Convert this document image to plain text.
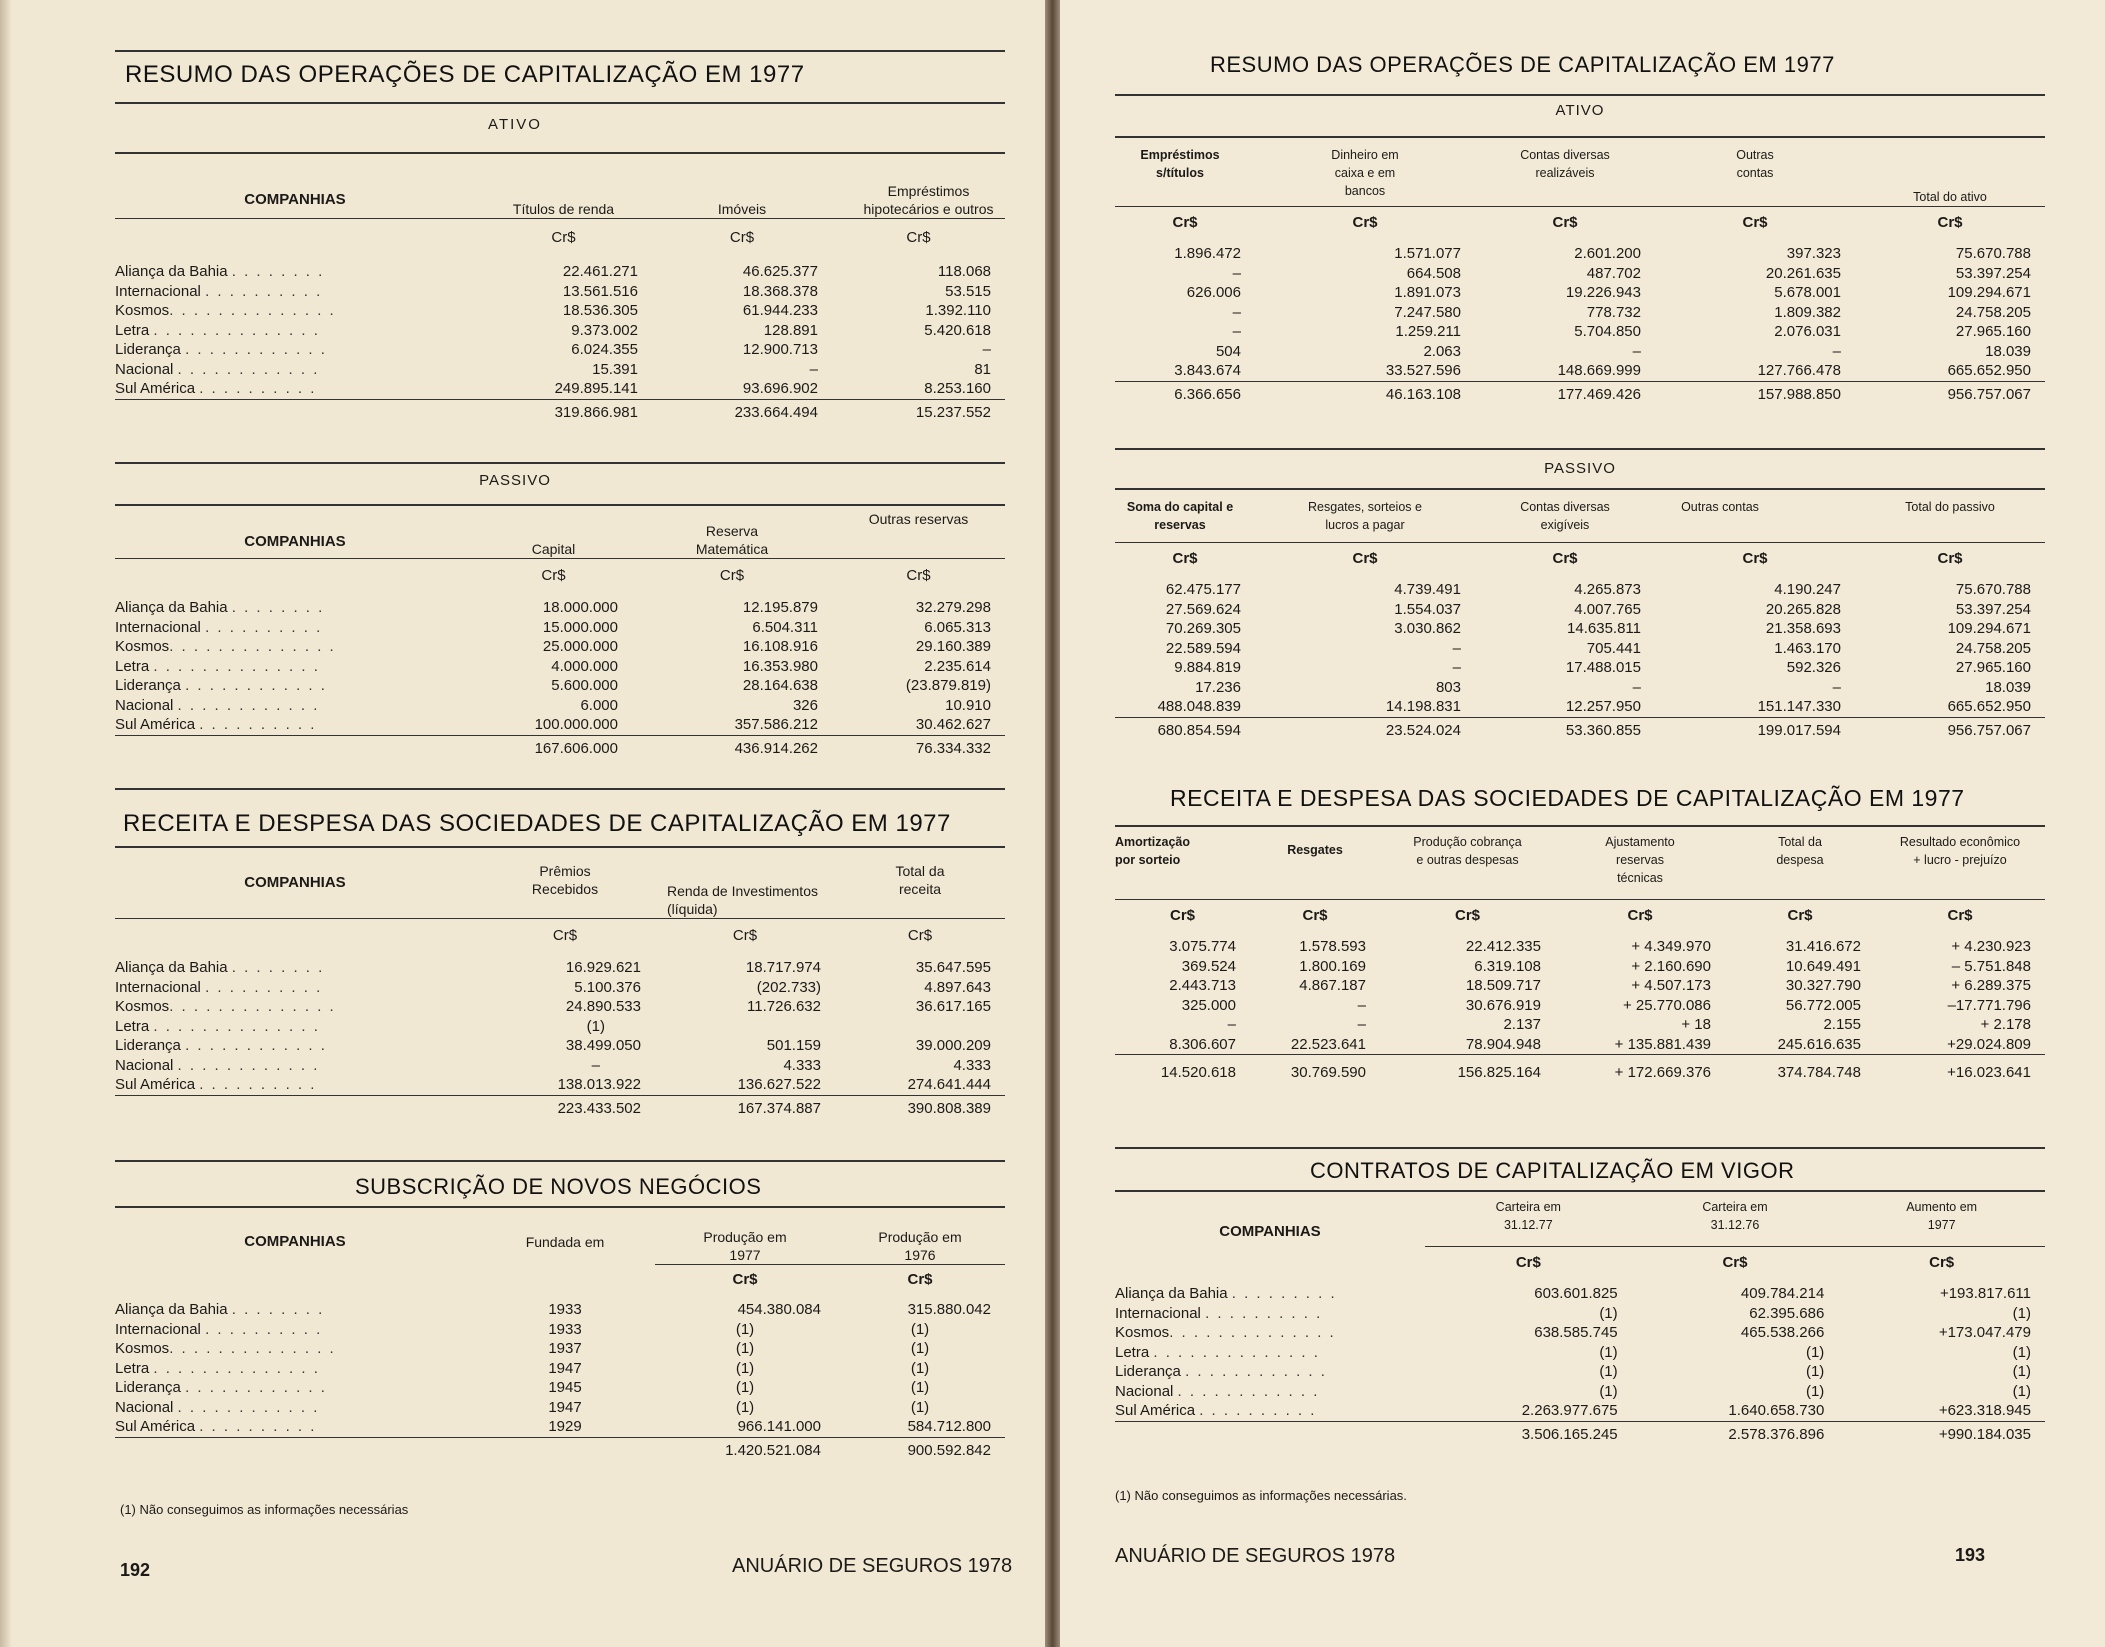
RESUMO DAS OPERAÇÕES DE CAPITALIZAÇÃO EM 1977
ATIVO
COMPANHIAS	Títulos de renda	Imóveis	Empréstimos hipotecários e outros
	Cr$	Cr$	Cr$
Aliança da Bahia . . . . . . . .	22.461.271	46.625.377	118.068
Internacional . . . . . . . . . .	13.561.516	18.368.378	53.515
Kosmos. . . . . . . . . . . . . .	18.536.305	61.944.233	1.392.110
Letra . . . . . . . . . . . . . .	9.373.002	128.891	5.420.618
Liderança . . . . . . . . . . . .	6.024.355	12.900.713	–
Nacional . . . . . . . . . . . .	15.391	–	81
Sul América . . . . . . . . . .	249.895.141	93.696.902	8.253.160
	319.866.981	233.664.494	15.237.552
PASSIVO
COMPANHIAS	Capital	Reserva Matemática	Outras reservas
	Cr$	Cr$	Cr$
Aliança da Bahia . . . . . . . .	18.000.000	12.195.879	32.279.298
Internacional . . . . . . . . . .	15.000.000	6.504.311	6.065.313
Kosmos. . . . . . . . . . . . . .	25.000.000	16.108.916	29.160.389
Letra . . . . . . . . . . . . . .	4.000.000	16.353.980	2.235.614
Liderança . . . . . . . . . . . .	5.600.000	28.164.638	(23.879.819)
Nacional . . . . . . . . . . . .	6.000	326	10.910
Sul América . . . . . . . . . .	100.000.000	357.586.212	30.462.627
	167.606.000	436.914.262	76.334.332
RECEITA E DESPESA DAS SOCIEDADES DE CAPITALIZAÇÃO EM 1977
COMPANHIAS	Prêmios Recebidos	Renda de Investimentos (líquida)	Total da receita
	Cr$	Cr$	Cr$
Aliança da Bahia . . . . . . . .	16.929.621	18.717.974	35.647.595
Internacional . . . . . . . . . .	5.100.376	(202.733)	4.897.643
Kosmos. . . . . . . . . . . . . .	24.890.533	11.726.632	36.617.165
Letra . . . . . . . . . . . . . .	(1)		
Liderança . . . . . . . . . . . .	38.499.050	501.159	39.000.209
Nacional . . . . . . . . . . . .	–	4.333	4.333
Sul América . . . . . . . . . .	138.013.922	136.627.522	274.641.444
	223.433.502	167.374.887	390.808.389
SUBSCRIÇÃO DE NOVOS NEGÓCIOS
COMPANHIAS	Fundada em	Produção em 1977	Produção em 1976
		Cr$	Cr$
Aliança da Bahia . . . . . . . .	1933	454.380.084	315.880.042
Internacional . . . . . . . . . .	1933	(1)	(1)
Kosmos. . . . . . . . . . . . . .	1937	(1)	(1)
Letra . . . . . . . . . . . . . .	1947	(1)	(1)
Liderança . . . . . . . . . . . .	1945	(1)	(1)
Nacional . . . . . . . . . . . .	1947	(1)	(1)
Sul América . . . . . . . . . .	1929	966.141.000	584.712.800
		1.420.521.084	900.592.842
(1) Não conseguimos as informações necessárias
192	ANUÁRIO DE SEGUROS 1978
RESUMO DAS OPERAÇÕES DE CAPITALIZAÇÃO EM 1977
ATIVO
Empréstimos s/títulos	Dinheiro em caixa e em bancos	Contas diversas realizáveis	Outras contas	Total do ativo
Cr$	Cr$	Cr$	Cr$	Cr$
1.896.472	1.571.077	2.601.200	397.323	75.670.788
–	664.508	487.702	20.261.635	53.397.254
626.006	1.891.073	19.226.943	5.678.001	109.294.671
–	7.247.580	778.732	1.809.382	24.758.205
–	1.259.211	5.704.850	2.076.031	27.965.160
504	2.063	–	–	18.039
3.843.674	33.527.596	148.669.999	127.766.478	665.652.950
6.366.656	46.163.108	177.469.426	157.988.850	956.757.067
PASSIVO
Soma do capital e reservas	Resgates, sorteios e lucros a pagar	Contas diversas exigíveis	Outras contas	Total do passivo
Cr$	Cr$	Cr$	Cr$	Cr$
62.475.177	4.739.491	4.265.873	4.190.247	75.670.788
27.569.624	1.554.037	4.007.765	20.265.828	53.397.254
70.269.305	3.030.862	14.635.811	21.358.693	109.294.671
22.589.594	–	705.441	1.463.170	24.758.205
9.884.819	–	17.488.015	592.326	27.965.160
17.236	803	–	–	18.039
488.048.839	14.198.831	12.257.950	151.147.330	665.652.950
680.854.594	23.524.024	53.360.855	199.017.594	956.757.067
RECEITA E DESPESA DAS SOCIEDADES DE CAPITALIZAÇÃO EM 1977
Amortização por sorteio	Resgates	Produção cobrança e outras despesas	Ajustamento reservas técnicas	Total da despesa	Resultado econômico + lucro - prejuízo
Cr$	Cr$	Cr$	Cr$	Cr$	Cr$
3.075.774	1.578.593	22.412.335	+ 4.349.970	31.416.672	+ 4.230.923
369.524	1.800.169	6.319.108	+ 2.160.690	10.649.491	– 5.751.848
2.443.713	4.867.187	18.509.717	+ 4.507.173	30.327.790	+ 6.289.375
325.000	–	30.676.919	+ 25.770.086	56.772.005	–17.771.796
–	–	2.137	+ 18	2.155	+ 2.178
8.306.607	22.523.641	78.904.948	+ 135.881.439	245.616.635	+29.024.809
14.520.618	30.769.590	156.825.164	+ 172.669.376	374.784.748	+16.023.641
CONTRATOS DE CAPITALIZAÇÃO EM VIGOR
COMPANHIAS	Carteira em 31.12.77	Carteira em 31.12.76	Aumento em 1977
	Cr$	Cr$	Cr$
Aliança da Bahia . . . . . . . . .	603.601.825	409.784.214	+193.817.611
Internacional . . . . . . . . . .	(1)	62.395.686	(1)
Kosmos. . . . . . . . . . . . . .	638.585.745	465.538.266	+173.047.479
Letra . . . . . . . . . . . . . .	(1)	(1)	(1)
Liderança . . . . . . . . . . . .	(1)	(1)	(1)
Nacional . . . . . . . . . . . .	(1)	(1)	(1)
Sul América . . . . . . . . . .	2.263.977.675	1.640.658.730	+623.318.945
	3.506.165.245	2.578.376.896	+990.184.035
(1) Não conseguimos as informações necessárias.
ANUÁRIO DE SEGUROS 1978	193
